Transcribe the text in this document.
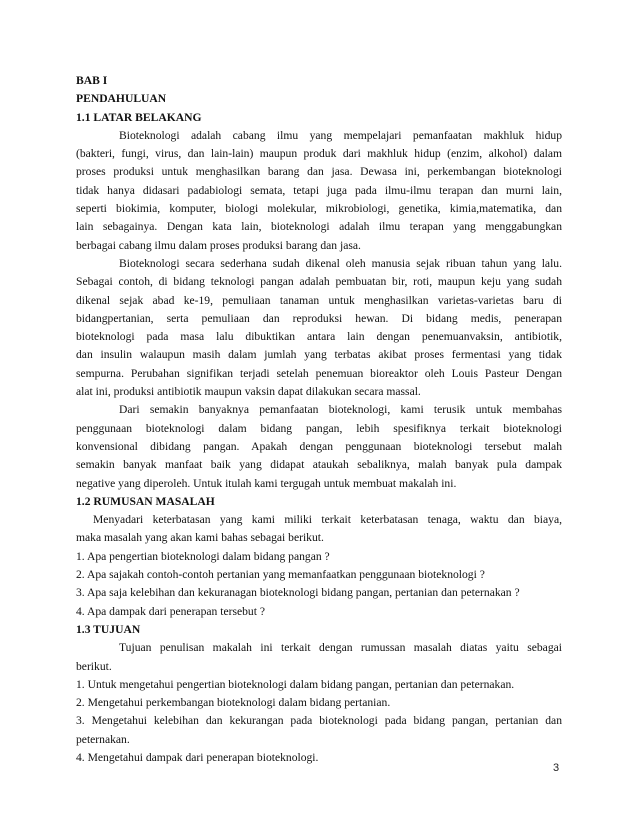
BAB I
PENDAHULUAN
1.1 LATAR BELAKANG
Bioteknologi adalah cabang ilmu yang mempelajari pemanfaatan makhluk hidup
(bakteri, fungi, virus, dan lain-lain) maupun produk dari makhluk hidup (enzim, alkohol) dalam
proses produksi untuk menghasilkan barang dan jasa. Dewasa ini, perkembangan bioteknologi
tidak hanya didasari padabiologi semata, tetapi juga pada ilmu-ilmu terapan dan murni lain,
seperti biokimia, komputer, biologi molekular, mikrobiologi, genetika, kimia,matematika, dan
lain sebagainya. Dengan kata lain, bioteknologi adalah ilmu terapan yang menggabungkan
berbagai cabang ilmu dalam proses produksi barang dan jasa.
Bioteknologi secara sederhana sudah dikenal oleh manusia sejak ribuan tahun yang lalu.
Sebagai contoh, di bidang teknologi pangan adalah pembuatan bir, roti, maupun keju yang sudah
dikenal sejak abad ke-19, pemuliaan tanaman untuk menghasilkan varietas-varietas baru di
bidangpertanian, serta pemuliaan dan reproduksi hewan. Di bidang medis, penerapan
bioteknologi pada masa lalu dibuktikan antara lain dengan penemuanvaksin, antibiotik,
dan insulin walaupun masih dalam jumlah yang terbatas akibat proses fermentasi yang tidak
sempurna. Perubahan signifikan terjadi setelah penemuan bioreaktor oleh Louis Pasteur Dengan
alat ini, produksi antibiotik maupun vaksin dapat dilakukan secara massal.
Dari semakin banyaknya pemanfaatan bioteknologi, kami terusik untuk membahas
penggunaan bioteknologi dalam bidang pangan, lebih spesifiknya terkait bioteknologi
konvensional dibidang pangan. Apakah dengan penggunaan bioteknologi tersebut malah
semakin banyak manfaat baik yang didapat ataukah sebaliknya, malah banyak pula dampak
negative yang diperoleh. Untuk itulah kami tergugah untuk membuat makalah ini.
1.2 RUMUSAN MASALAH
Menyadari keterbatasan yang kami miliki terkait keterbatasan tenaga, waktu dan biaya,
maka masalah yang akan kami bahas sebagai berikut.
1. Apa pengertian bioteknologi dalam bidang pangan ?
2. Apa sajakah contoh-contoh pertanian yang memanfaatkan penggunaan bioteknologi ?
3. Apa saja kelebihan dan kekuranagan bioteknologi bidang pangan, pertanian dan peternakan ?
4. Apa dampak dari penerapan tersebut ?
1.3 TUJUAN
Tujuan penulisan makalah ini terkait dengan rumussan masalah diatas yaitu sebagai
berikut.
1. Untuk mengetahui pengertian bioteknologi dalam bidang pangan, pertanian dan peternakan.
2. Mengetahui perkembangan bioteknologi dalam bidang pertanian.
3. Mengetahui kelebihan dan kekurangan pada bioteknologi pada bidang pangan, pertanian dan
peternakan.
4. Mengetahui dampak dari penerapan bioteknologi.
3
